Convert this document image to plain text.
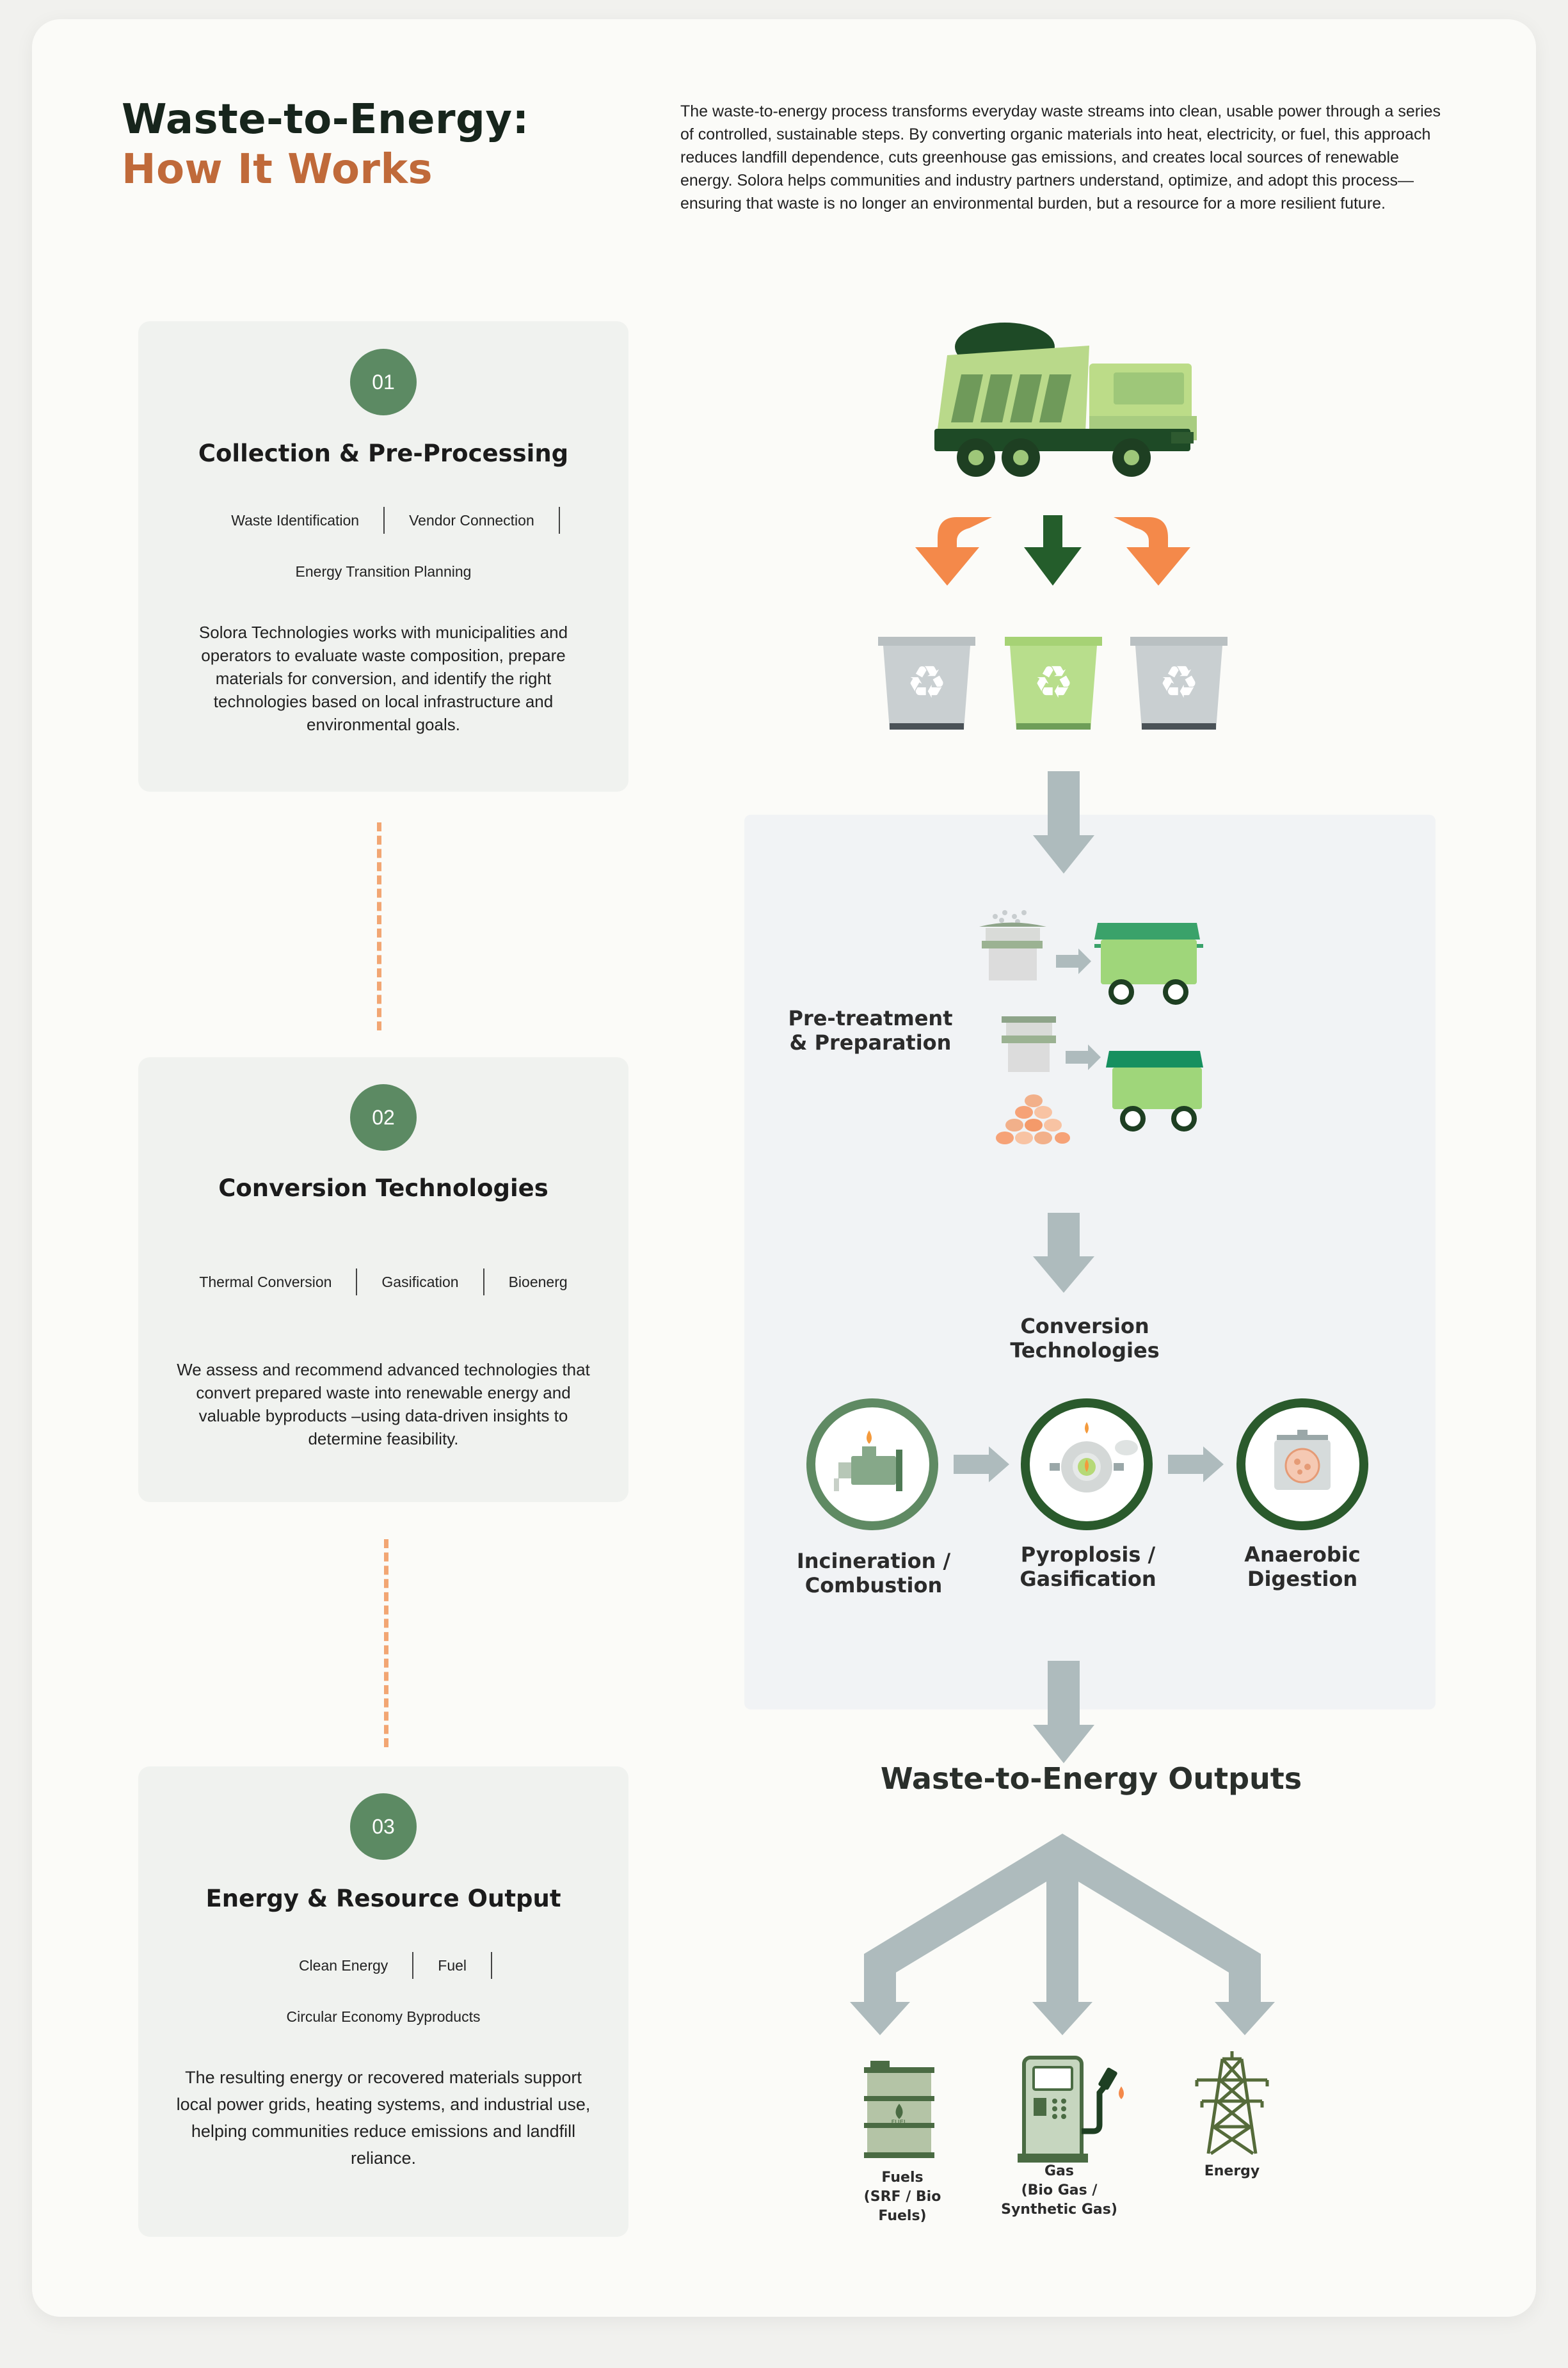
Waste-to-Energy:
How It Works
The waste-to-energy process transforms everyday waste streams into clean, usable power through a series of controlled, sustainable steps. By converting organic materials into heat, electricity, or fuel, this approach reduces landfill dependence, cuts greenhouse gas emissions, and creates local sources of renewable energy. Solora helps communities and industry partners understand, optimize, and adopt this process—ensuring that waste is no longer an environmental burden, but a resource for a more resilient future.
01
Collection & Pre-Processing
Waste Identification	Vendor Connection
Energy Transition Planning
Solora Technologies works with municipalities and operators to evaluate waste composition, prepare materials for conversion, and identify the right technologies based on local infrastructure and environmental goals.
02
Conversion Technologies
Thermal Conversion	Gasification	Bioenerg
We assess and recommend advanced technologies that convert prepared waste into renewable energy and valuable byproducts –using data-driven insights to determine feasibility.
03
Energy & Resource Output
Clean Energy	Fuel
Circular Economy Byproducts
The resulting energy or recovered materials support local power grids, heating systems, and industrial use, helping communities reduce emissions and landfill reliance.
♻ ♻ ♻
Pre-treatment
& Preparation
Conversion
Technologies
Incineration /
Combustion
Pyroplosis /
Gasification
Anaerobic
Digestion
Waste-to-Energy Outputs
FUEL
Fuels
(SRF / Bio
Fuels)
Gas
(Bio Gas /
Synthetic Gas)
Energy
